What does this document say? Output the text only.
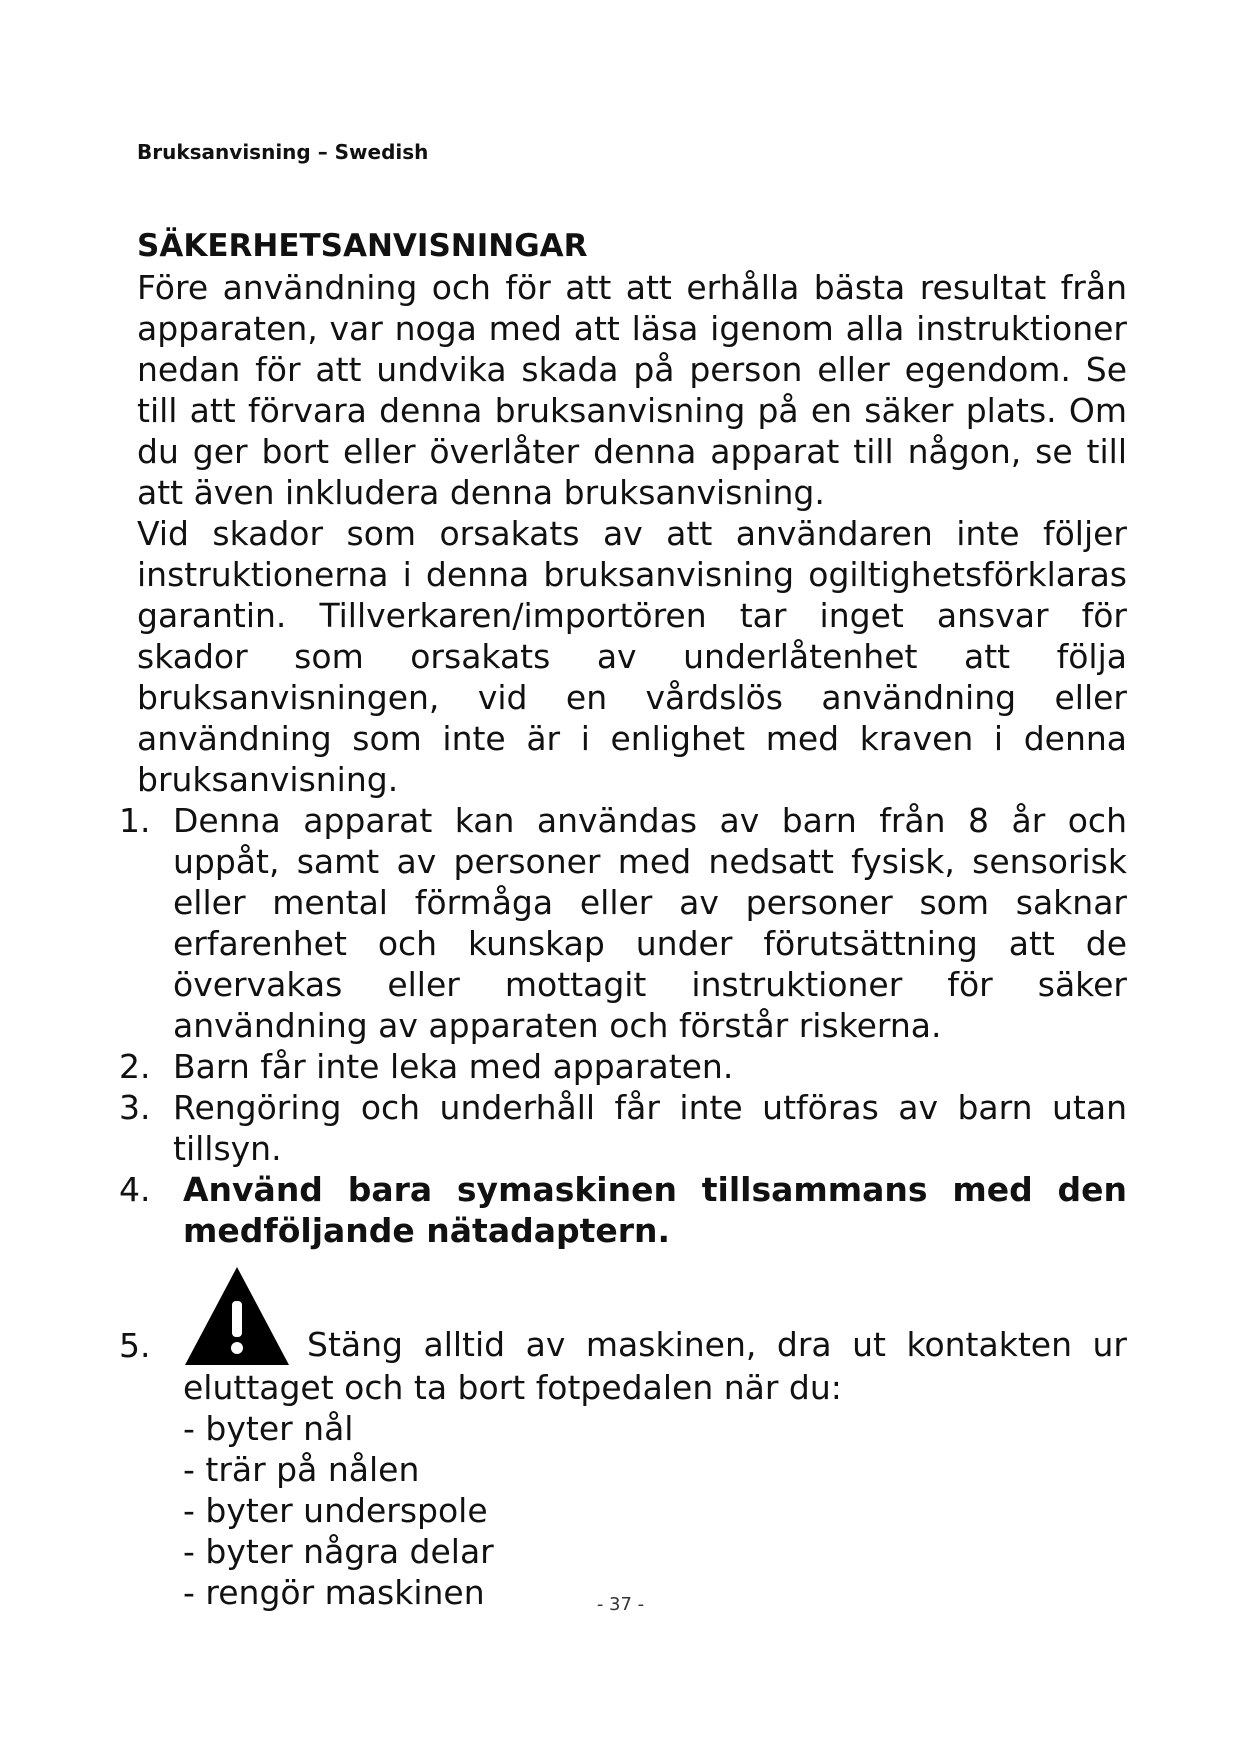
Bruksanvisning – Swedish
SÄKERHETSANVISNINGAR
Före användning och för att att erhålla bästa resultat från apparaten, var noga med att läsa igenom alla instruktioner nedan för att undvika skada på person eller egendom. Se till att förvara denna bruksanvisning på en säker plats. Om du ger bort eller överlåter denna apparat till någon, se till att även inkludera denna bruksanvisning.
Vid skador som orsakats av att användaren inte följer instruktionerna i denna bruksanvisning ogiltighetsförklaras garantin. Tillverkaren/importören tar inget ansvar för skador som orsakats av underlåtenhet att följa bruksanvisningen, vid en vårdslös användning eller användning som inte är i enlighet med kraven i denna bruksanvisning.
1. Denna apparat kan användas av barn från 8 år och uppåt, samt av personer med nedsatt fysisk, sensorisk eller mental förmåga eller av personer som saknar erfarenhet och kunskap under förutsättning att de övervakas eller mottagit instruktioner för säker användning av apparaten och förstår riskerna.
2. Barn får inte leka med apparaten.
3. Rengöring och underhåll får inte utföras av barn utan tillsyn.
4. Använd bara symaskinen tillsammans med den medföljande nätadaptern.
5.	Stäng alltid av maskinen, dra ut kontakten ur
eluttaget och ta bort fotpedalen när du:
- byter nål
- trär på nålen
- byter underspole
- byter några delar
- rengör maskinen	- 37 -
